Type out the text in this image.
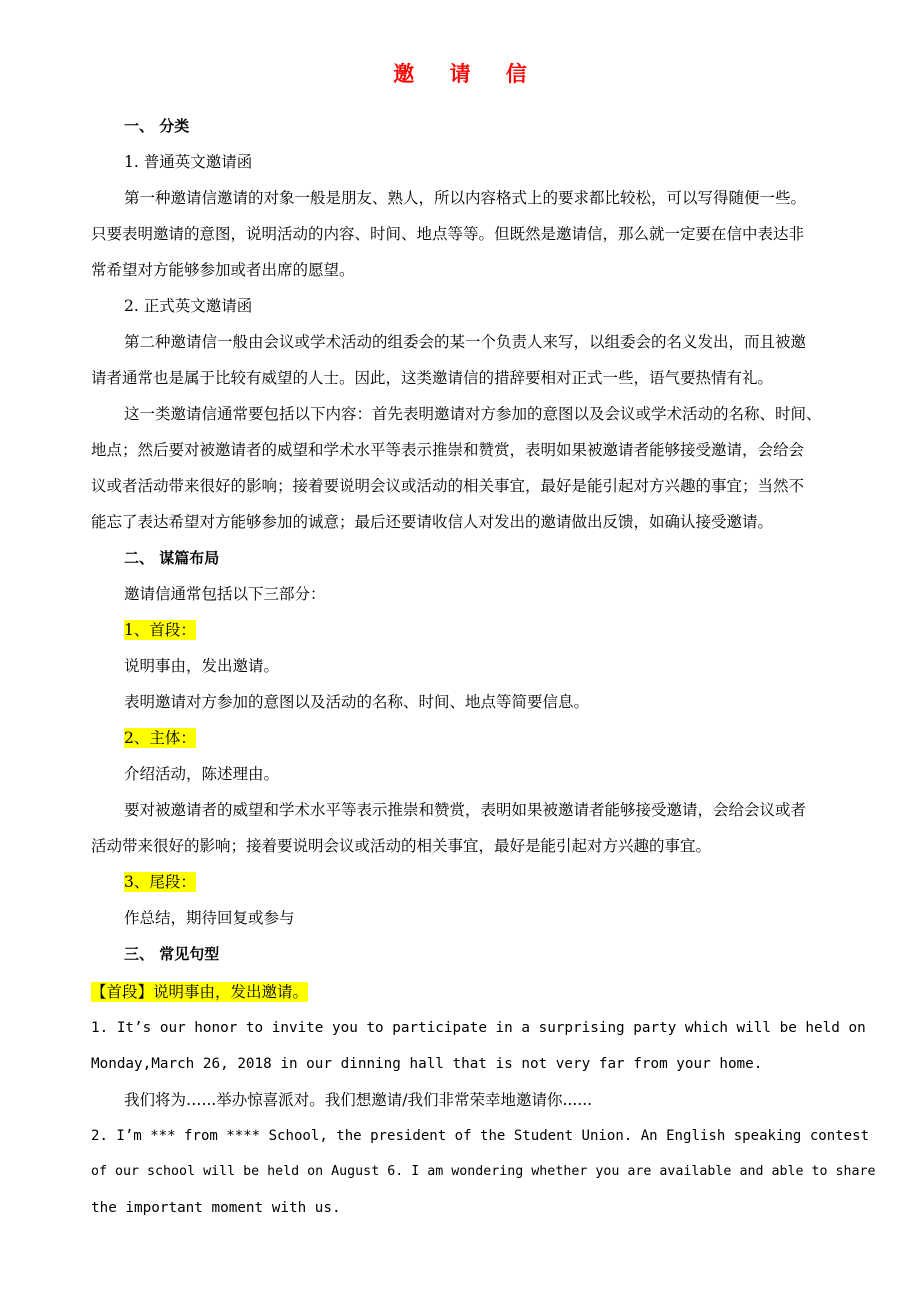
邀 请 信
一、 分类
1. 普通英文邀请函
第一种邀请信邀请的对象一般是朋友、熟人，所以内容格式上的要求都比较松，可以写得随便一些。
只要表明邀请的意图，说明活动的内容、时间、地点等等。但既然是邀请信，那么就一定要在信中表达非
常希望对方能够参加或者出席的愿望。
2. 正式英文邀请函
第二种邀请信一般由会议或学术活动的组委会的某一个负责人来写，以组委会的名义发出，而且被邀
请者通常也是属于比较有威望的人士。因此，这类邀请信的措辞要相对正式一些，语气要热情有礼。
这一类邀请信通常要包括以下内容：首先表明邀请对方参加的意图以及会议或学术活动的名称、时间、
地点；然后要对被邀请者的威望和学术水平等表示推崇和赞赏，表明如果被邀请者能够接受邀请，会给会
议或者活动带来很好的影响；接着要说明会议或活动的相关事宜，最好是能引起对方兴趣的事宜；当然不
能忘了表达希望对方能够参加的诚意；最后还要请收信人对发出的邀请做出反馈，如确认接受邀请。
二、 谋篇布局
邀请信通常包括以下三部分：
1、首段：
说明事由，发出邀请。
表明邀请对方参加的意图以及活动的名称、时间、地点等简要信息。
2、主体：
介绍活动，陈述理由。
要对被邀请者的威望和学术水平等表示推崇和赞赏，表明如果被邀请者能够接受邀请，会给会议或者
活动带来很好的影响；接着要说明会议或活动的相关事宜，最好是能引起对方兴趣的事宜。
3、尾段：
作总结，期待回复或参与
三、 常见句型
【首段】说明事由，发出邀请。
1. It’s our honor to invite you to participate in a surprising party which will be held on
Monday,March 26, 2018 in our dinning hall that is not very far from your home.
我们将为…...举办惊喜派对。我们想邀请/我们非常荣幸地邀请你......
2. I’m *** from **** School, the president of the Student Union. An English speaking contest
of our school will be held on August 6. I am wondering whether you are available and able to share
the important moment with us.
